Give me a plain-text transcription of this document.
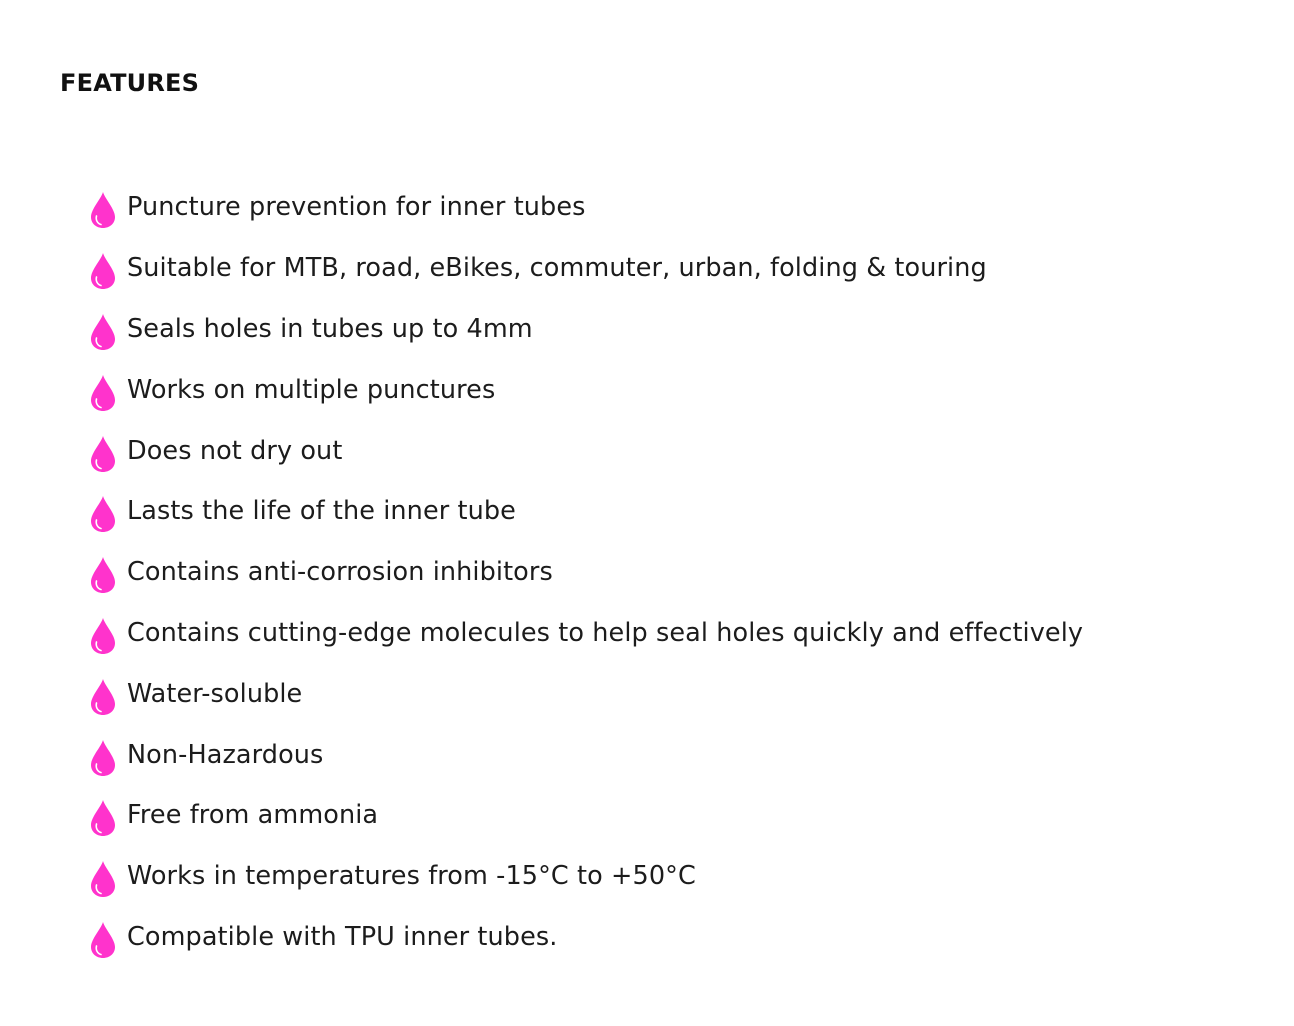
FEATURES
Puncture prevention for inner tubes
Suitable for MTB, road, eBikes, commuter, urban, folding & touring
Seals holes in tubes up to 4mm
Works on multiple punctures
Does not dry out
Lasts the life of the inner tube
Contains anti-corrosion inhibitors
Contains cutting-edge molecules to help seal holes quickly and effectively
Water-soluble
Non-Hazardous
Free from ammonia
Works in temperatures from -15°C to +50°C
Compatible with TPU inner tubes.
